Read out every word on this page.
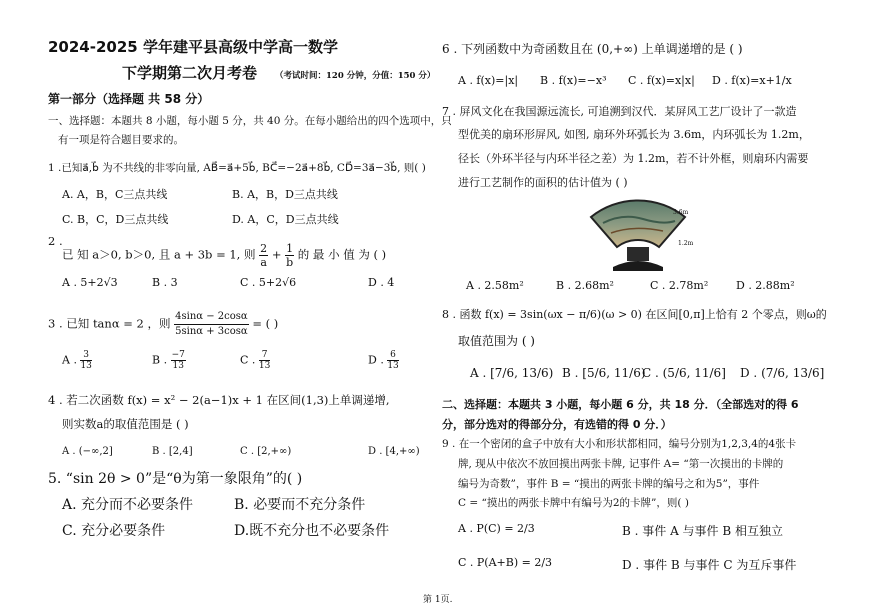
2024-2025 学年建平县高级中学高一数学
下学期第二次月考卷 （考试时间：120 分钟，分值：150 分）
第一部分（选择题 共 58 分）
一、选择题：本题共 8 小题，每小题 5 分，共 40 分。在每小题给出的四个选项中，只
有一项是符合题目要求的。
1 .已知a⃗,b⃗ 为不共线的非零向量, AB⃗=a⃗+5b⃗, BC⃗=−2a⃗+8b⃗, CD⃗=3a⃗−3b⃗, 则( )
A. A，B，C三点共线	B. A，B，D三点共线
C. B，C，D三点共线	D. A，C，D三点共线
2 .
已 知 a＞0, b＞0, 且 a + 3b = 1, 则 $\frac{2}{a} + \frac{1}{b}$ 的 最 小 值 为 ( )
A . 5+2√3	B . 3	C . 5+2√6	D . 4
3 . 已知 tanα = 2 ，则 $\frac{4\sin\alpha - 2\cos\alpha}{5\sin\alpha + 3\cos\alpha}$ = ( )
A . $\frac{3}{13}$	B . $\frac{-7}{13}$	C . $\frac{7}{13}$	D . $\frac{6}{13}$
4 . 若二次函数 f(x) = x² − 2(a−1)x + 1 在区间(1,3)上单调递增,
则实数a的取值范围是 ( )
A . (−∞,2]	B . [2,4]	C . [2,+∞)	D . [4,+∞)
5. “sin 2θ > 0”是“θ为第一象限角”的( )
A. 充分而不必要条件	B. 必要而不充分条件
C. 充分必要条件	D.既不充分也不必要条件
6 . 下列函数中为奇函数且在 (0,+∞) 上单调递增的是 ( )
A . f(x)=|x| B . f(x)=−x³ C . f(x)=x|x| D . f(x)=x+1/x
7 . 屏风文化在我国源远流长, 可追溯到汉代．某屏风工艺厂设计了一款造
型优美的扇环形屏风, 如图, 扇环外环弧长为 3.6m，内环弧长为 1.2m，
径长（外环半径与内环半径之差）为 1.2m，若不计外框，则扇环内需要
进行工艺制作的面积的估计值为 ( )
3.6m
1.2m
A . 2.58m²	B . 2.68m²	C . 2.78m²	D . 2.88m²
8 . 函数 f(x) = 3sin(ωx − π/6)(ω > 0) 在区间[0,π]上恰有 2 个零点，则ω的
取值范围为 ( )
A . [7/6, 13/6) B . [5/6, 11/6)
C . (5/6, 11/6] D . (7/6, 13/6]
二、选择题：本题共 3 小题，每小题 6 分，共 18 分．（全部选对的得 6
分，部分选对的得部分分，有选错的得 0 分．）
9 . 在一个密闭的盒子中放有大小和形状都相同，编号分别为1,2,3,4的4张卡
牌, 现从中依次不放回摸出两张卡牌, 记事件 A= “第一次摸出的卡牌的
编号为奇数”，事件 B = “摸出的两张卡牌的编号之和为5”，事件
C = “摸出的两张卡牌中有编号为2的卡牌”，则( )
A . P(C) = 2/3	B . 事件 A 与事件 B 相互独立
C . P(A+B) = 2/3	D . 事件 B 与事件 C 为互斥事件
第 1页.
